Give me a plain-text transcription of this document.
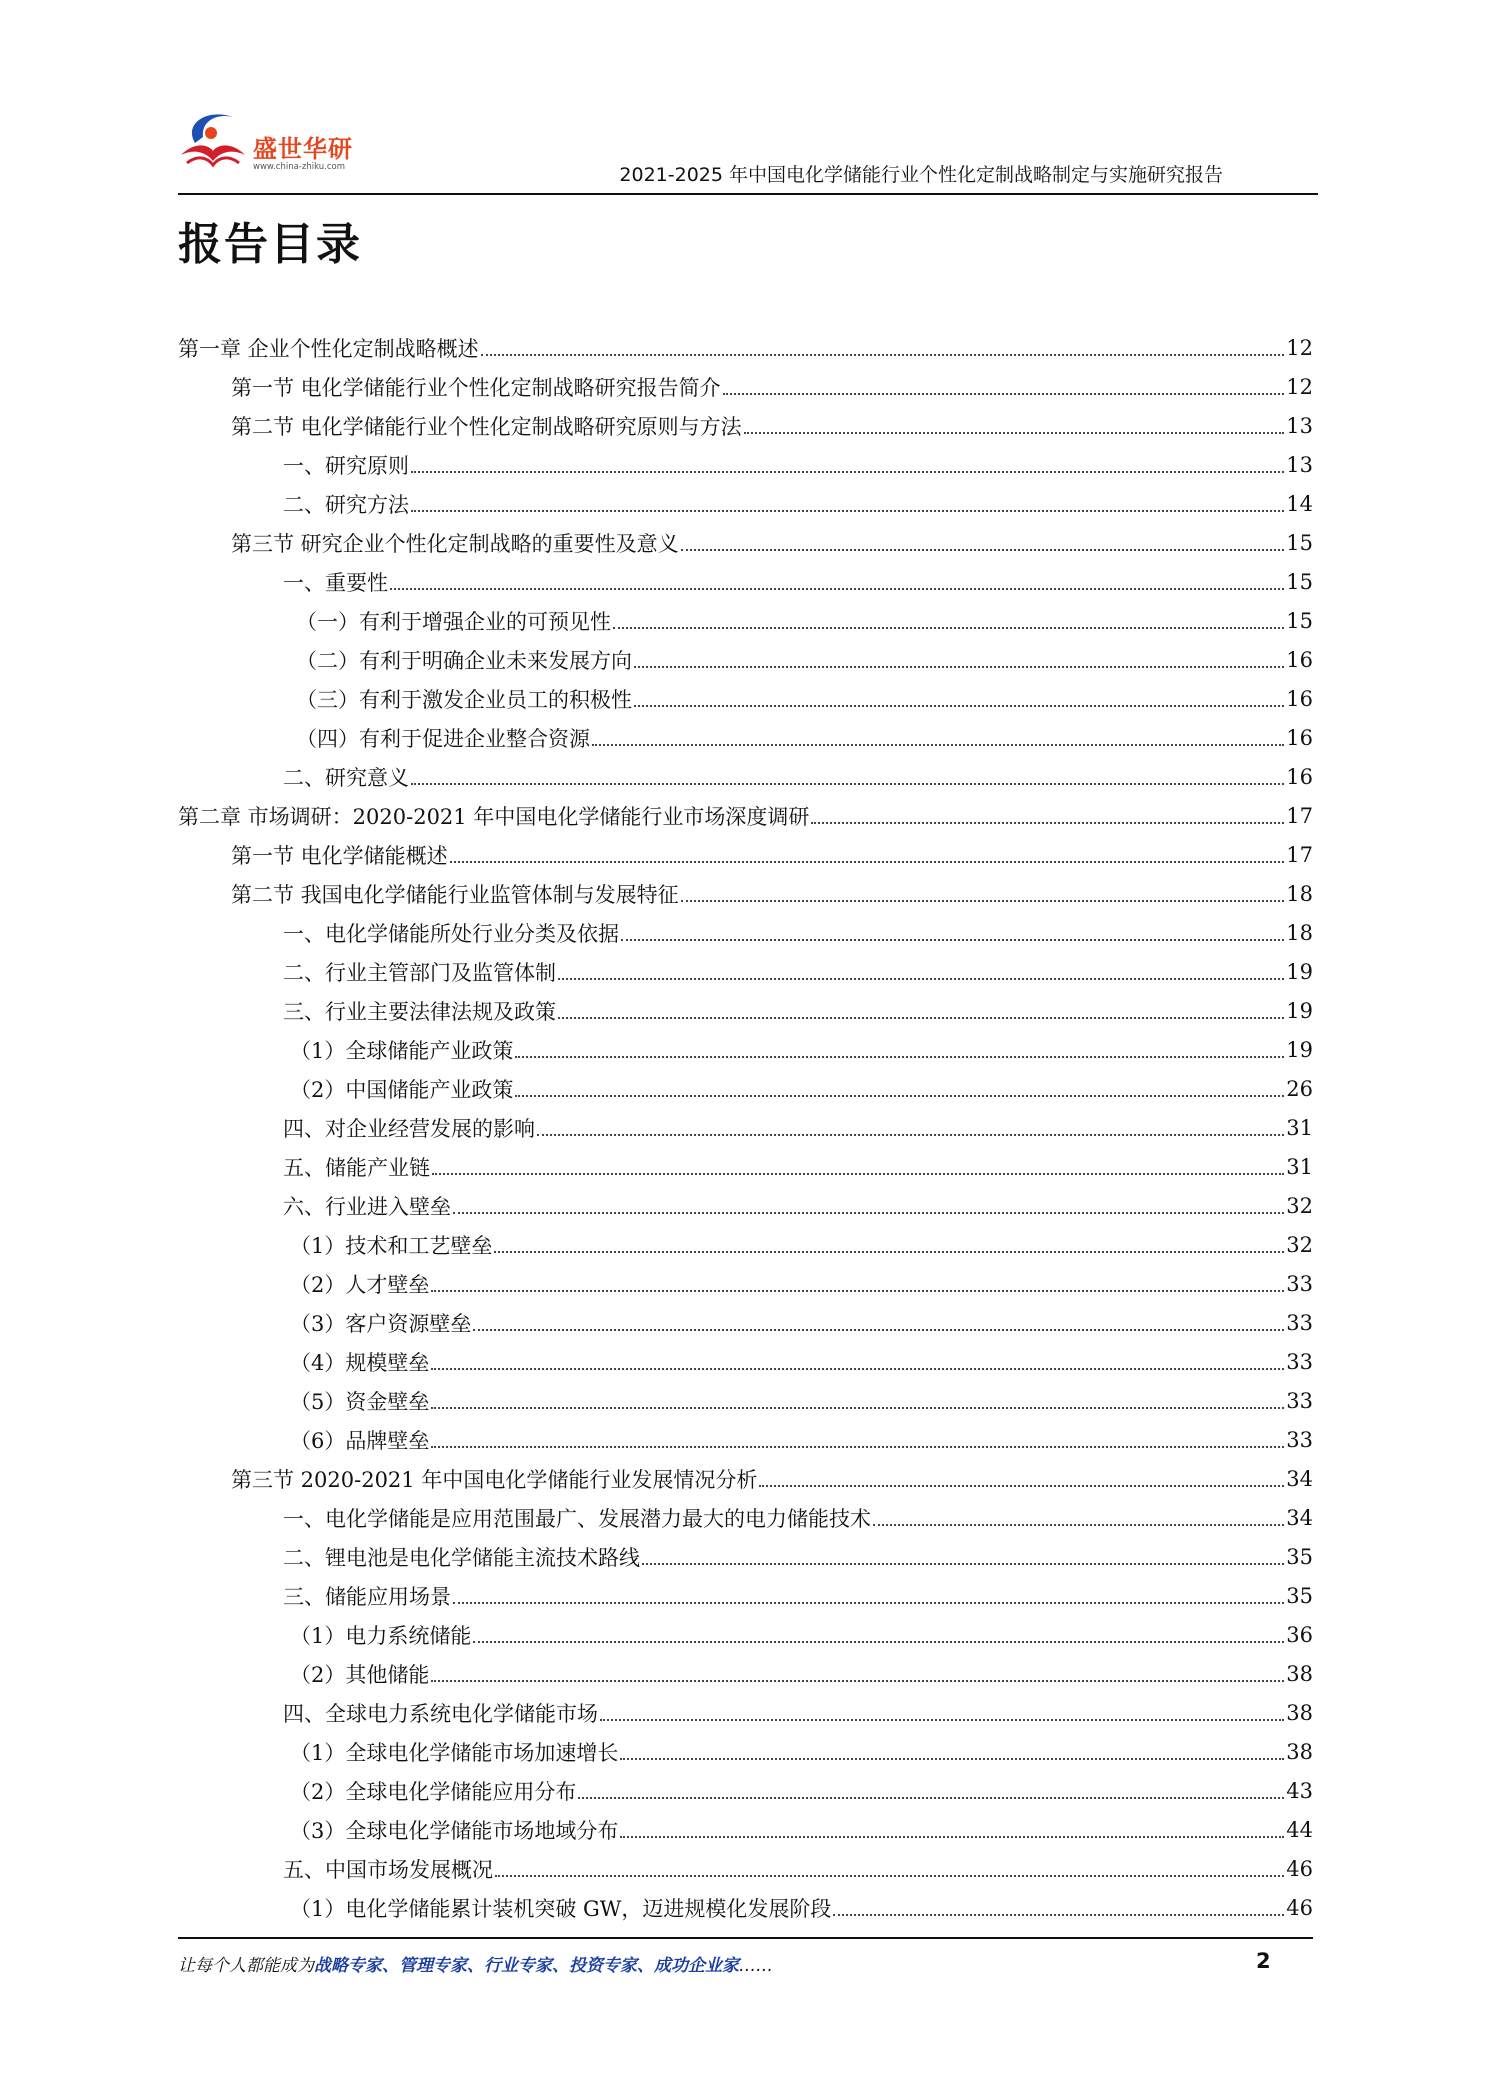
盛世华研
www.china-zhiku.com	2021-2025 年中国电化学储能行业个性化定制战略制定与实施研究报告
报告目录
第一章 企业个性化定制战略概述	12
第一节 电化学储能行业个性化定制战略研究报告简介	12
第二节 电化学储能行业个性化定制战略研究原则与方法	13
一、研究原则	13
二、研究方法	14
第三节 研究企业个性化定制战略的重要性及意义	15
一、重要性	15
（一）有利于增强企业的可预见性	15
（二）有利于明确企业未来发展方向	16
（三）有利于激发企业员工的积极性	16
（四）有利于促进企业整合资源	16
二、研究意义	16
第二章 市场调研：2020-2021 年中国电化学储能行业市场深度调研	17
第一节 电化学储能概述	17
第二节 我国电化学储能行业监管体制与发展特征	18
一、电化学储能所处行业分类及依据	18
二、行业主管部门及监管体制	19
三、行业主要法律法规及政策	19
（1）全球储能产业政策	19
（2）中国储能产业政策	26
四、对企业经营发展的影响	31
五、储能产业链	31
六、行业进入壁垒	32
（1）技术和工艺壁垒	32
（2）人才壁垒	33
（3）客户资源壁垒	33
（4）规模壁垒	33
（5）资金壁垒	33
（6）品牌壁垒	33
第三节 2020-2021 年中国电化学储能行业发展情况分析	34
一、电化学储能是应用范围最广、发展潜力最大的电力储能技术	34
二、锂电池是电化学储能主流技术路线	35
三、储能应用场景	35
（1）电力系统储能	36
（2）其他储能	38
四、全球电力系统电化学储能市场	38
（1）全球电化学储能市场加速增长	38
（2）全球电化学储能应用分布	43
（3）全球电化学储能市场地域分布	44
五、中国市场发展概况	46
（1）电化学储能累计装机突破 GW，迈进规模化发展阶段	46
让每个人都能成为战略专家、管理专家、行业专家、投资专家、成功企业家……	2
